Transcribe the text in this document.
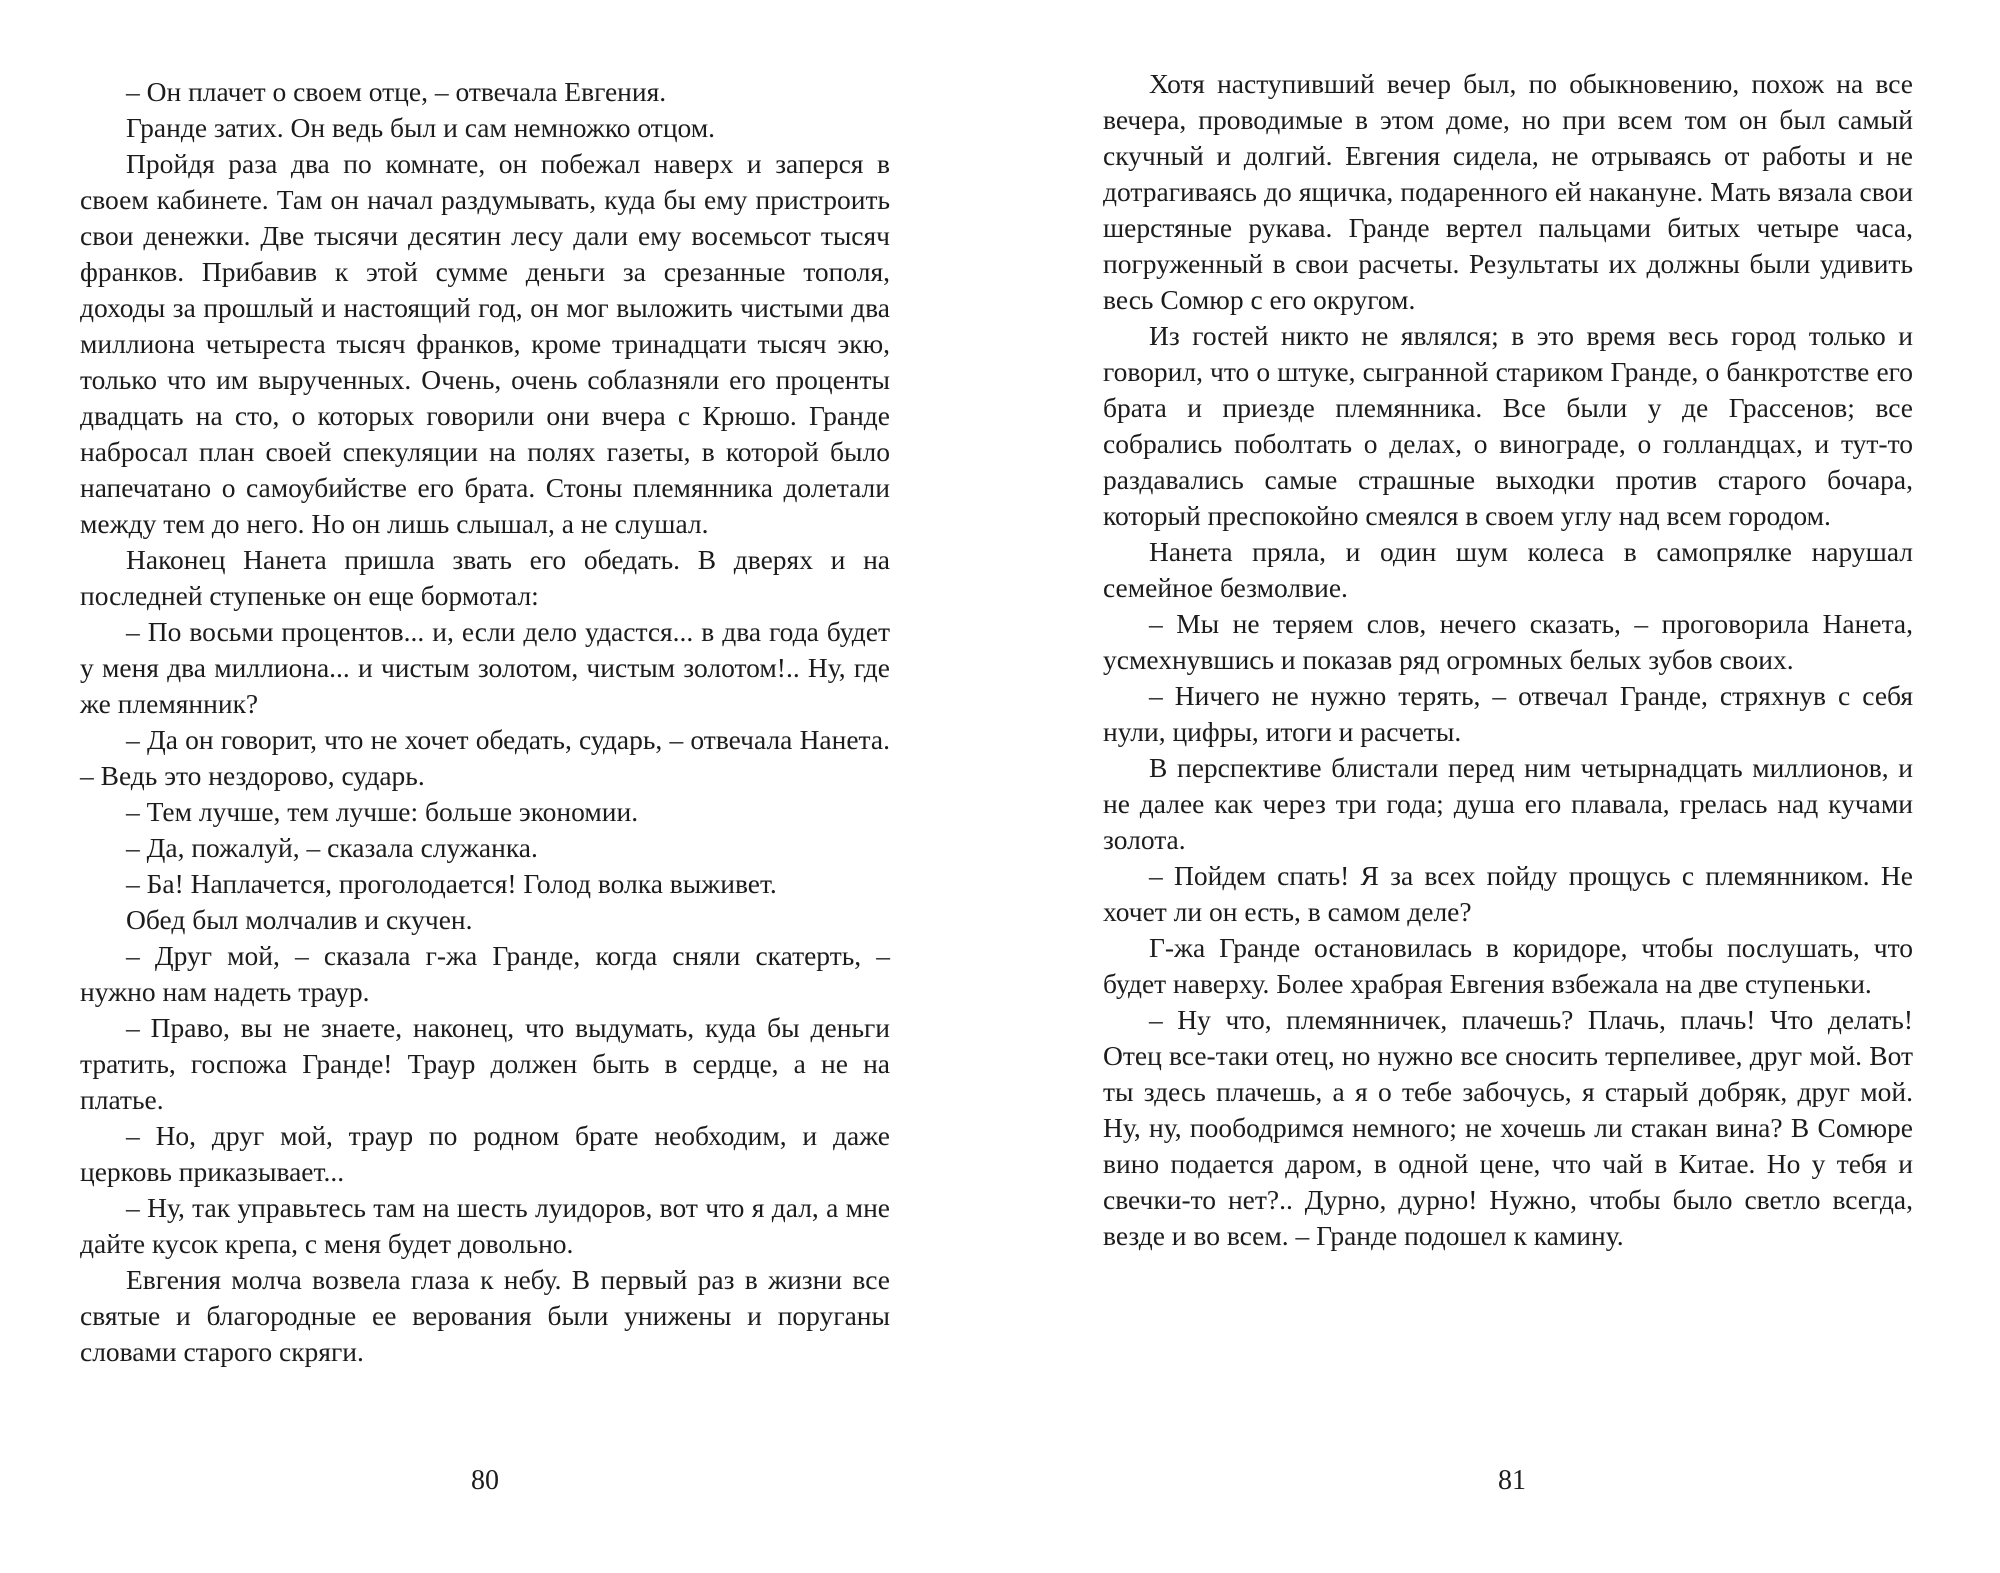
– Он плачет о своем отце, – отвечала Евгения.

Гранде затих. Он ведь был и сам немножко отцом.

Пройдя раза два по комнате, он побежал наверх и заперся в своем кабинете. Там он начал раздумывать, куда бы ему пристроить свои денежки. Две тысячи десятин лесу дали ему восемьсот тысяч франков. Прибавив к этой сумме деньги за срезанные тополя, доходы за прошлый и настоящий год, он мог выложить чистыми два миллиона четыреста тысяч франков, кроме тринадцати тысяч экю, только что им вырученных. Очень, очень соблазняли его проценты двадцать на сто, о которых говорили они вчера с Крюшо. Гранде набросал план своей спекуляции на полях газеты, в которой было напечатано о самоубийстве его брата. Стоны племянника долетали между тем до него. Но он лишь слышал, а не слушал.

Наконец Нанета пришла звать его обедать. В дверях и на последней ступеньке он еще бормотал:

– По восьми процентов... и, если дело удастся... в два года будет у меня два миллиона... и чистым золотом, чистым золотом!.. Ну, где же племянник?

– Да он говорит, что не хочет обедать, сударь, – отвечала Нанета. – Ведь это нездорово, сударь.

– Тем лучше, тем лучше: больше экономии.

– Да, пожалуй, – сказала служанка.

– Ба! Наплачется, проголодается! Голод волка выживет.

Обед был молчалив и скучен.

– Друг мой, – сказала г-жа Гранде, когда сняли скатерть, – нужно нам надеть траур.

– Право, вы не знаете, наконец, что выдумать, куда бы деньги тратить, госпожа Гранде! Траур должен быть в сердце, а не на платье.

– Но, друг мой, траур по родном брате необходим, и даже церковь приказывает...

– Ну, так управьтесь там на шесть луидоров, вот что я дал, а мне дайте кусок крепа, с меня будет довольно.

Евгения молча возвела глаза к небу. В первый раз в жизни все святые и благородные ее верования были унижены и поруганы словами старого скряги.

80

Хотя наступивший вечер был, по обыкновению, похож на все вечера, проводимые в этом доме, но при всем том он был самый скучный и долгий. Евгения сидела, не отрываясь от работы и не дотрагиваясь до ящичка, подаренного ей накануне. Мать вязала свои шерстяные рукава. Гранде вертел пальцами битых четыре часа, погруженный в свои расчеты. Результаты их должны были удивить весь Сомюр с его округом.

Из гостей никто не являлся; в это время весь город только и говорил, что о штуке, сыгранной стариком Гранде, о банкротстве его брата и приезде племянника. Все были у де Грассенов; все собрались поболтать о делах, о винограде, о голландцах, и тут-то раздавались самые страшные выходки против старого бочара, который преспокойно смеялся в своем углу над всем городом.

Нанета пряла, и один шум колеса в самопрялке нарушал семейное безмолвие.

– Мы не теряем слов, нечего сказать, – проговорила Нанета, усмехнувшись и показав ряд огромных белых зубов своих.

– Ничего не нужно терять, – отвечал Гранде, стряхнув с себя нули, цифры, итоги и расчеты.

В перспективе блистали перед ним четырнадцать миллионов, и не далее как через три года; душа его плавала, грелась над кучами золота.

– Пойдем спать! Я за всех пойду прощусь с племянником. Не хочет ли он есть, в самом деле?

Г-жа Гранде остановилась в коридоре, чтобы послушать, что будет наверху. Более храбрая Евгения взбежала на две ступеньки.

– Ну что, племянничек, плачешь? Плачь, плачь! Что делать! Отец все-таки отец, но нужно все сносить терпеливее, друг мой. Вот ты здесь плачешь, а я о тебе забочусь, я старый добряк, друг мой. Ну, ну, поободримся немного; не хочешь ли стакан вина? В Сомюре вино подается даром, в одной цене, что чай в Китае. Но у тебя и свечки-то нет?.. Дурно, дурно! Нужно, чтобы было светло всегда, везде и во всем. – Гранде подошел к камину.

81
